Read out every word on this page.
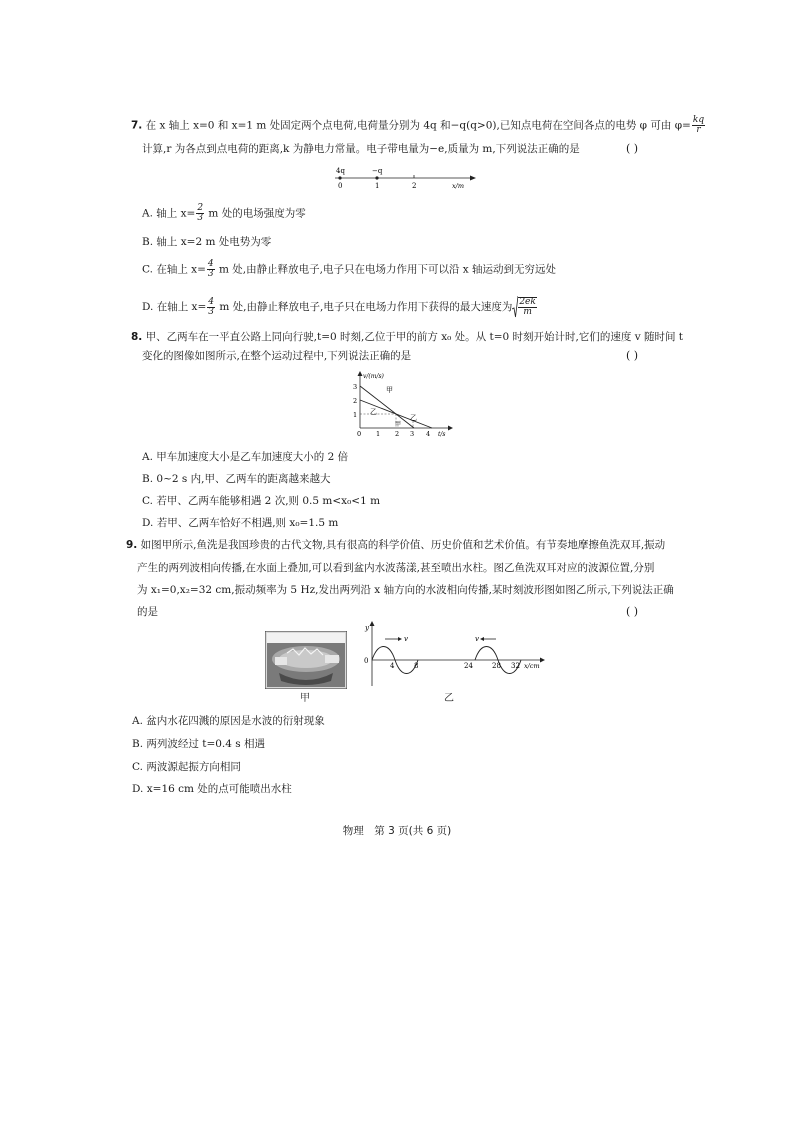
7. 在 x 轴上 x=0 和 x=1 m 处固定两个点电荷,电荷量分别为 4q 和−q(q>0),已知点电荷在空间各点的电势 φ 可由 $\varphi= \frac{kq}{r}$
计算,r 为各点到点电荷的距离,k 为静电力常量。电子带电量为−e,质量为 m,下列说法正确的是	( )
4q	−q
0	1	2	x/m
A. 轴上 $x= \frac{2}{3}$ m 处的电场强度为零
B. 轴上 x=2 m 处电势为零
C. 在轴上 $x= \frac{4}{3}$ m 处,由静止释放电子,电子只在电场力作用下可以沿 x 轴运动到无穷远处
D. 在轴上 $x= \frac{4}{3}$ m 处,由静止释放电子,电子只在电场力作用下获得的最大速度为 $\frac{2ek}{m}$
8. 甲、乙两车在一平直公路上同向行驶,t=0 时刻,乙位于甲的前方 x₀ 处。从 t=0 时刻开始计时,它们的速度 v 随时间 t
变化的图像如图所示,在整个运动过程中,下列说法正确的是	( )
v/(m/s)
t/s
1
2
3
0 1 2 3 4
甲
乙
乙
甲
A. 甲车加速度大小是乙车加速度大小的 2 倍
B. 0~2 s 内,甲、乙两车的距离越来越大
C. 若甲、乙两车能够相遇 2 次,则 0.5 m<x₀<1 m
D. 若甲、乙两车恰好不相遇,则 x₀=1.5 m
9. 如图甲所示,鱼洗是我国珍贵的古代文物,具有很高的科学价值、历史价值和艺术价值。有节奏地摩擦鱼洗双耳,振动
产生的两列波相向传播,在水面上叠加,可以看到盆内水波荡漾,甚至喷出水柱。图乙鱼洗双耳对应的波源位置,分别
为 x₁=0,x₂=32 cm,振动频率为 5 Hz,发出两列沿 x 轴方向的水波相向传播,某时刻波形图如图乙所示,下列说法正确
的是	( )
甲
y
0
4	8	24	28 32 x/cm
v	v
乙
A. 盆内水花四溅的原因是水波的衍射现象
B. 两列波经过 t=0.4 s 相遇
C. 两波源起振方向相同
D. x=16 cm 处的点可能喷出水柱
物理　第 3 页(共 6 页)
